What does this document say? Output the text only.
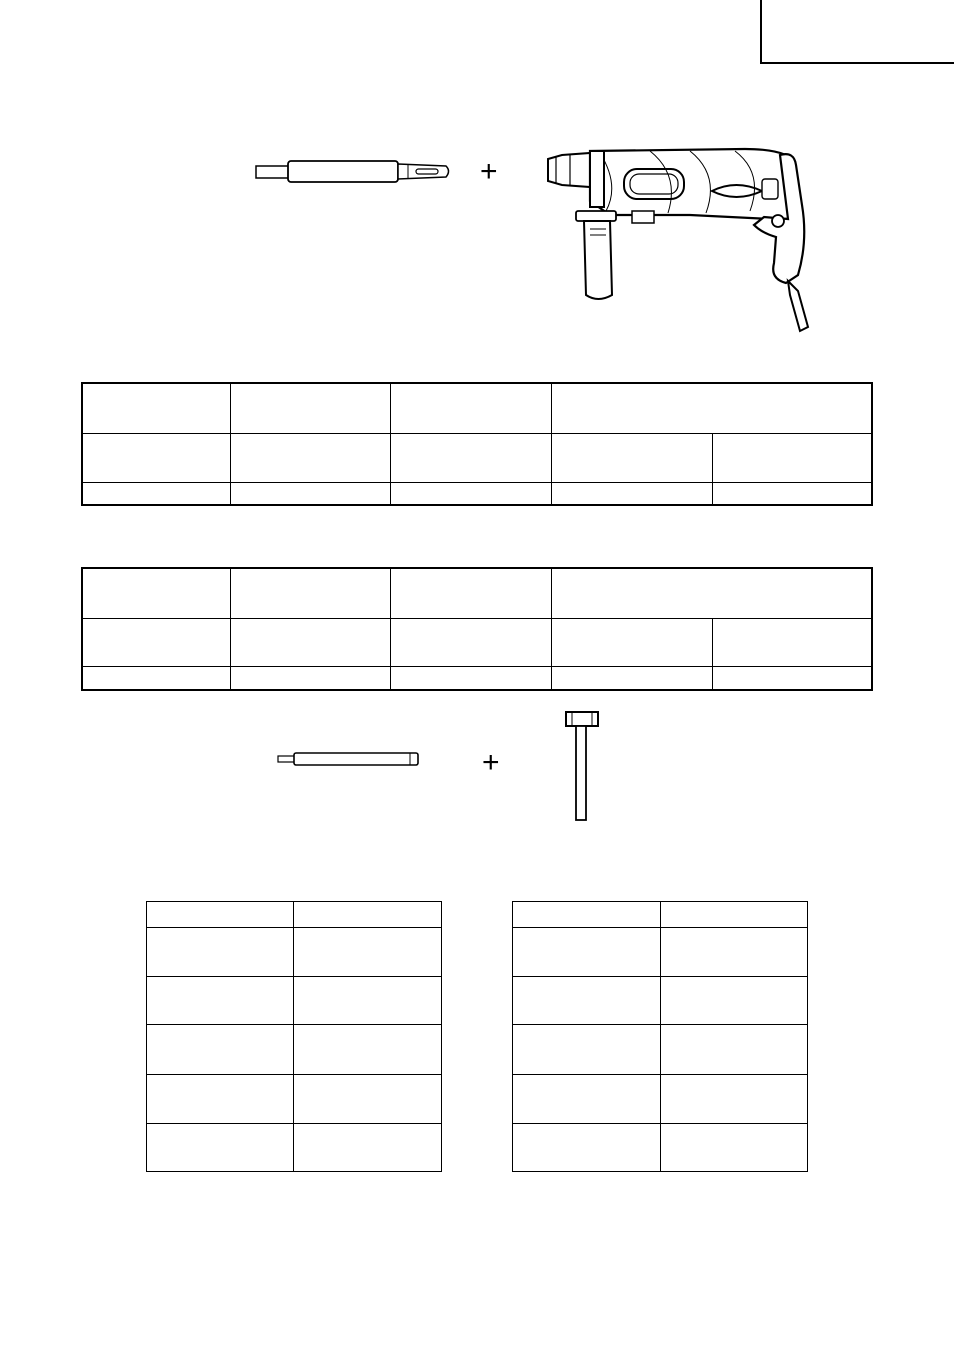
+

+
